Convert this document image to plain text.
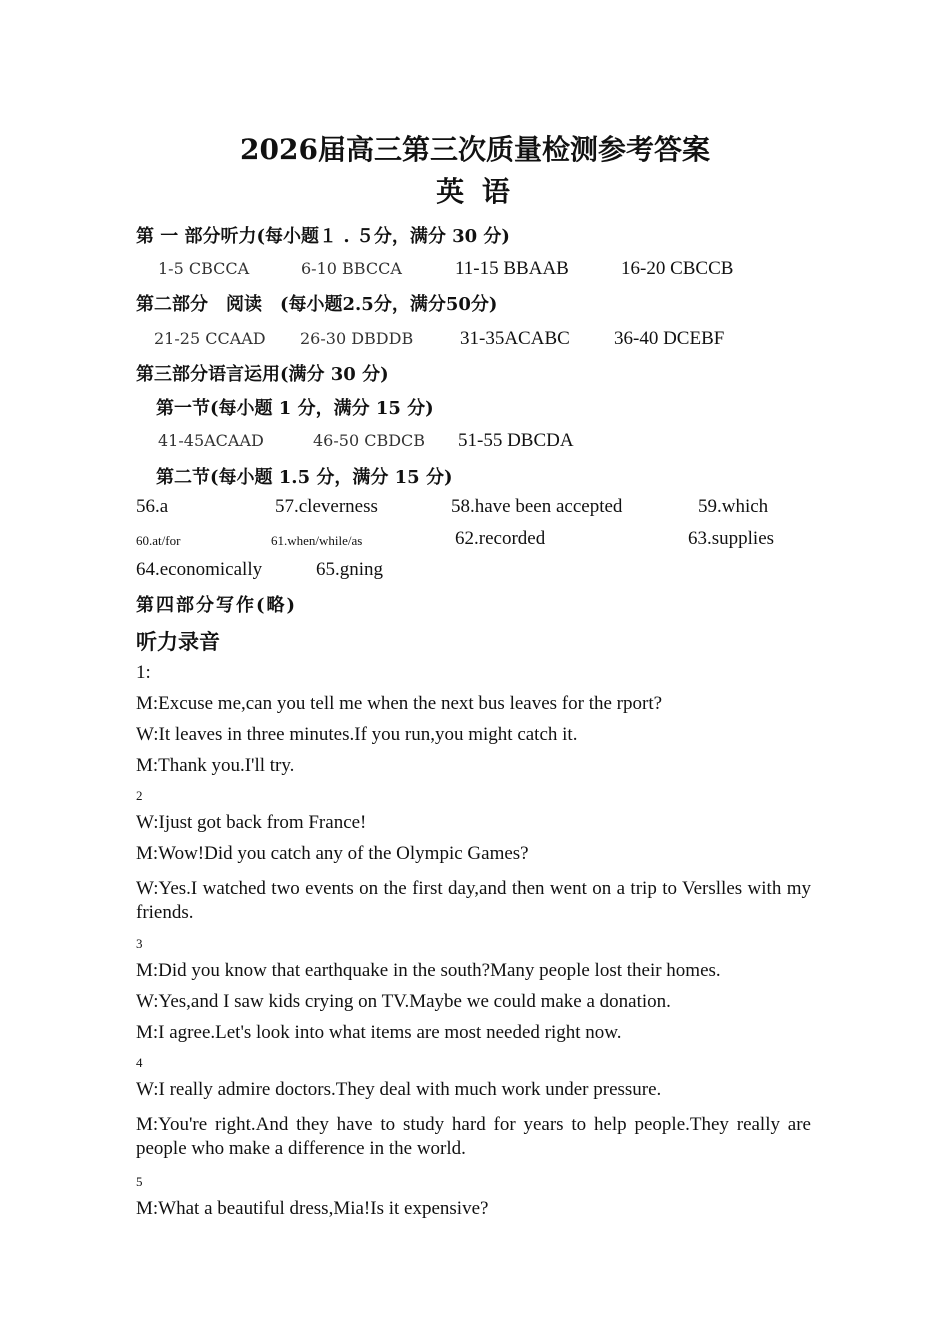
2026届高三第三次质量检测参考答案
英 语
第 一 部分听力(每小题１ . ５分，满分 30 分)
1-5 CBCCA	6-10 BBCCA	11-15 BBAAB	16-20 CBCCB
第二部分　阅读　(每小题2.5分，满分50分)
21-25 CCAAD 26-30 DBDDB 31-35ACABC 36-40 DCEBF
第三部分语言运用(满分 30 分)
第一节(每小题 1 分，满分 15 分)
41-45ACAAD	46-50 CBDCB 51-55 DBCDA
第二节(每小题 1.5 分，满分 15 分)
56.a	57.cleverness	58.have been accepted	59.which
60.at/for	61.when/while/as	62.recorded	63.supplies
64.economically	65.gning
第四部分写作(略)
听力录音
1:
M:Excuse me,can you tell me when the next bus leaves for the rport?
W:It leaves in three minutes.If you run,you might catch it.
M:Thank you.I'll try.
2
W:Ijust got back from France!
M:Wow!Did you catch any of the Olympic Games?
W:Yes.I watched two events on the first day,and then went on a trip to Verslles with my friends.
3
M:Did you know that earthquake in the south?Many people lost their homes.
W:Yes,and I saw kids crying on TV.Maybe we could make a donation.
M:I agree.Let's look into what items are most needed right now.
4
W:I really admire doctors.They deal with much work under pressure.
M:You're right.And they have to study hard for years to help people.They really are people who make a difference in the world.
5
M:What a beautiful dress,Mia!Is it expensive?
